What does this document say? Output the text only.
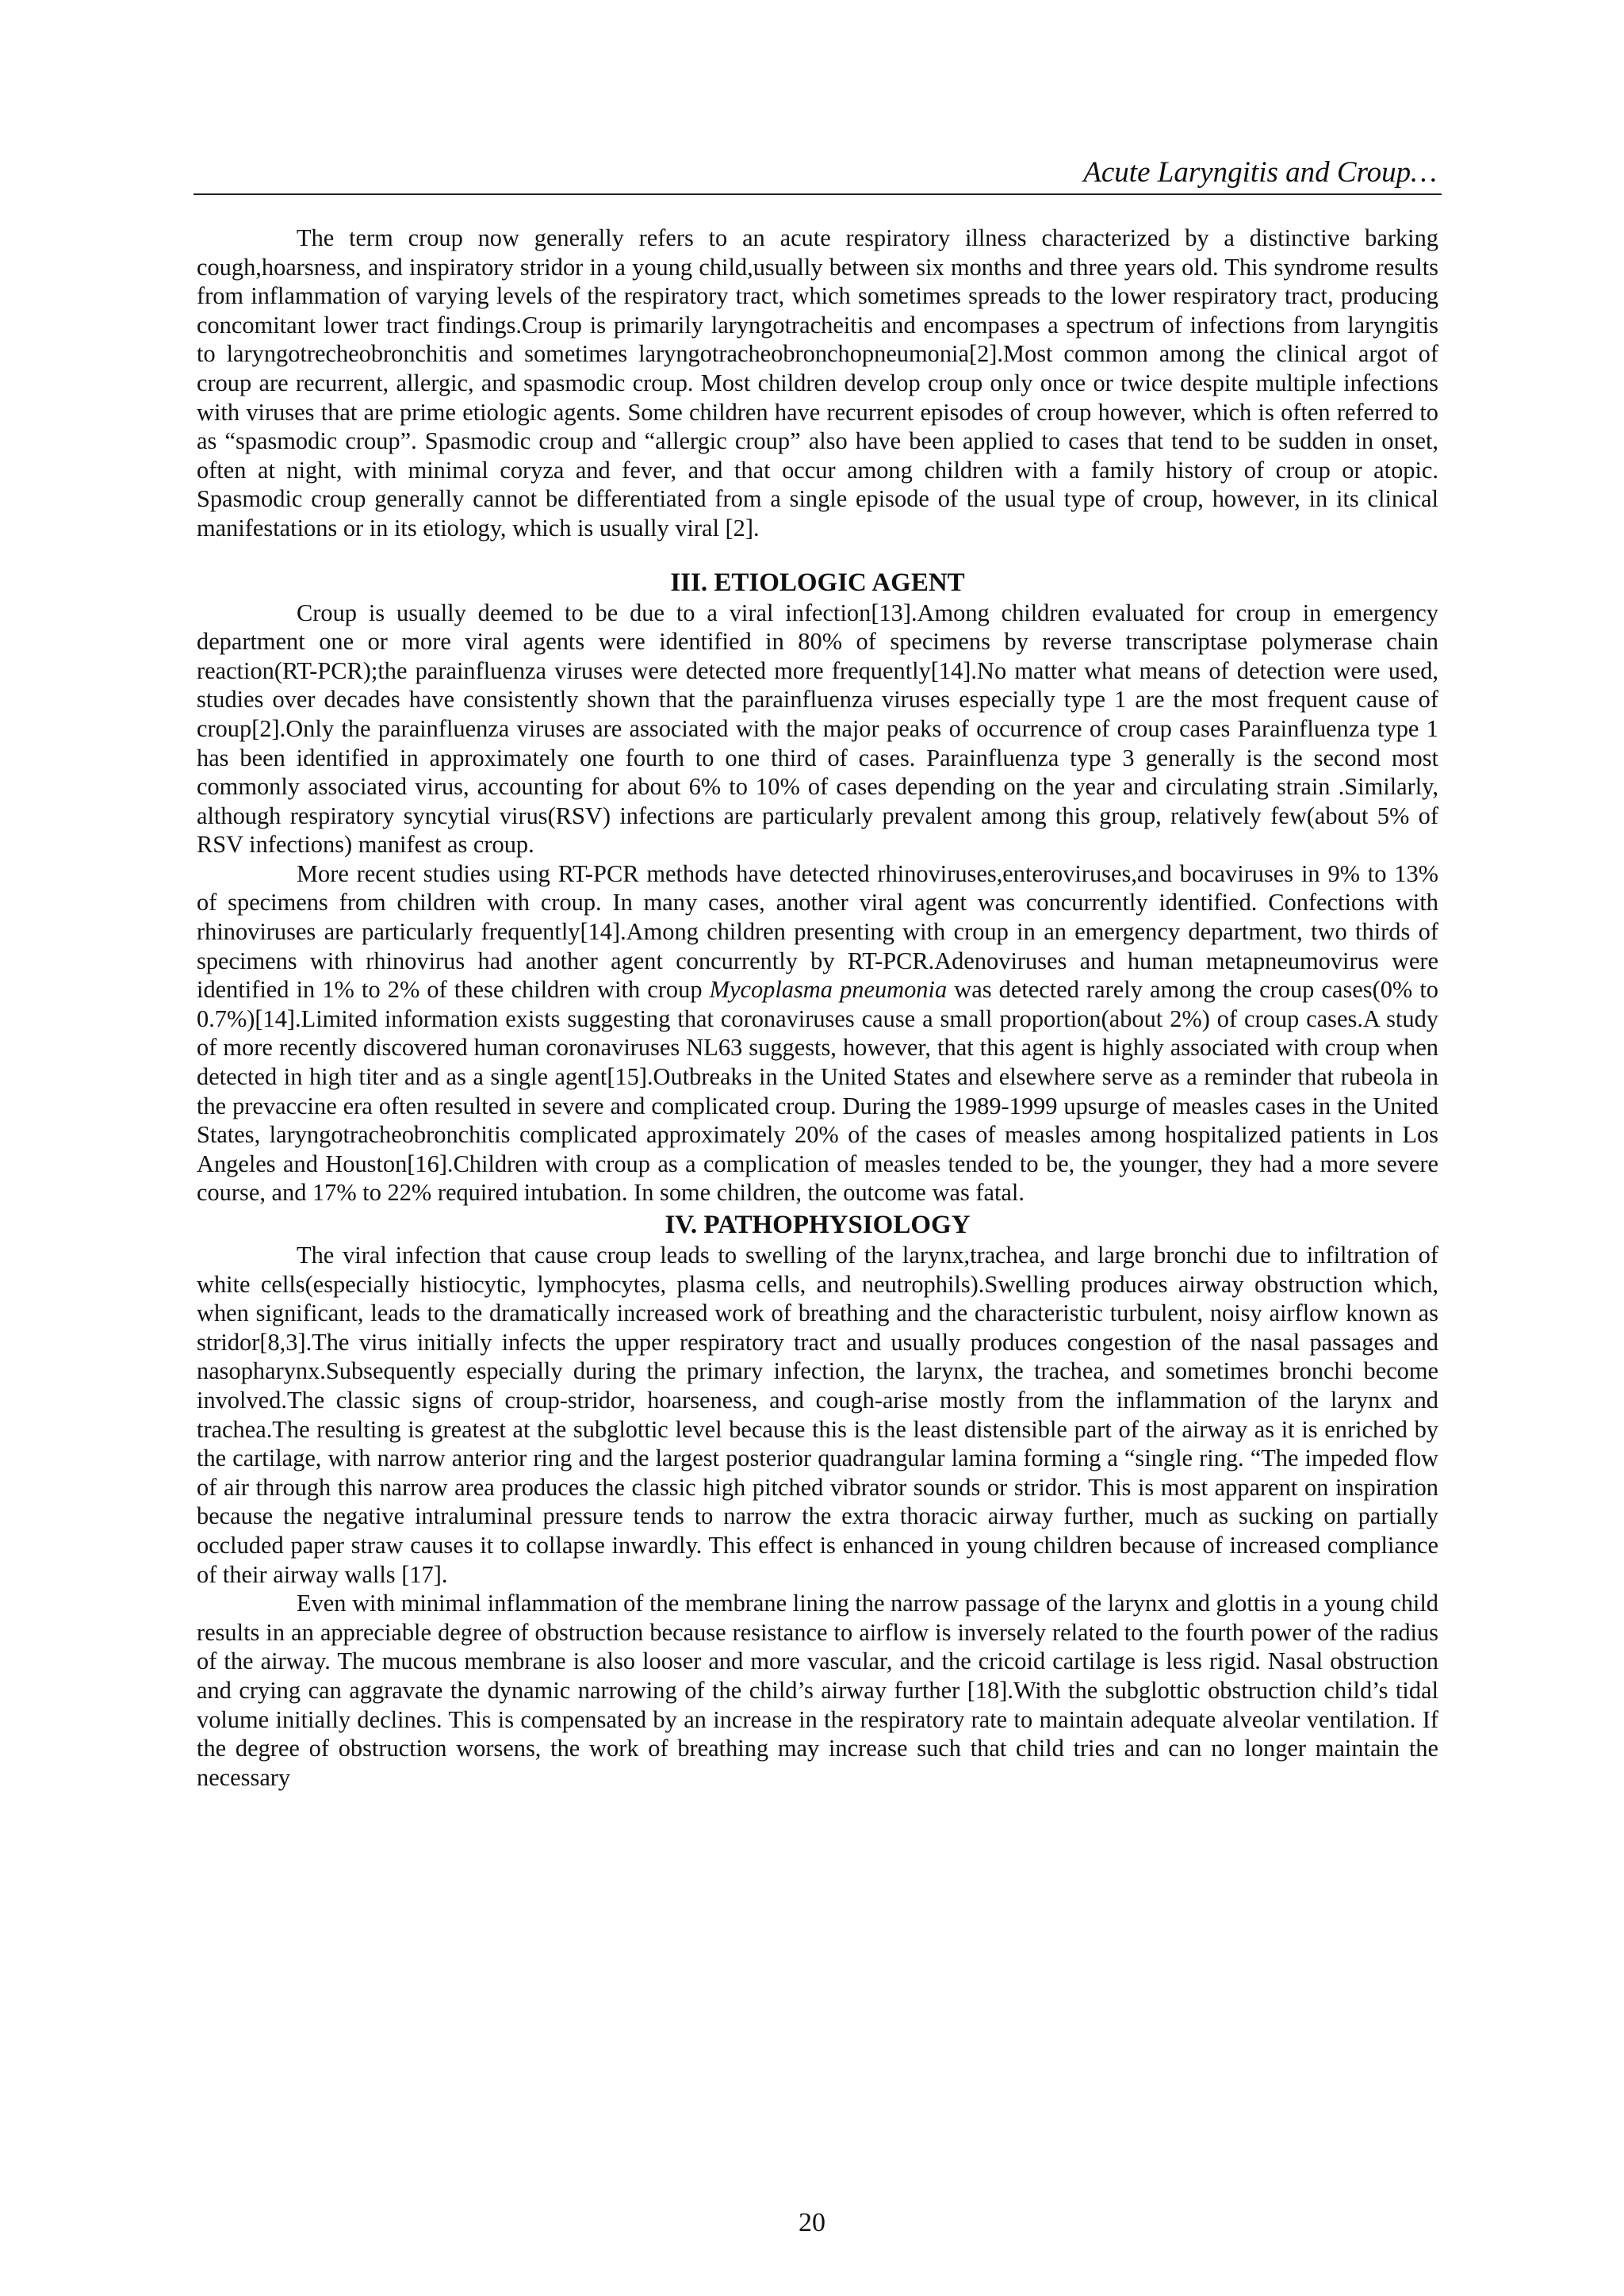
Acute Laryngitis and Croup…

The term croup now generally refers to an acute respiratory illness characterized by a distinctive barking cough,hoarsness, and inspiratory stridor in a young child,usually between six months and three years old. This syndrome results from inflammation of varying levels of the respiratory tract, which sometimes spreads to the lower respiratory tract, producing concomitant lower tract findings.Croup is primarily laryngotracheitis and encompases a spectrum of infections from laryngitis to laryngotrecheobronchitis and sometimes laryngotracheobronchopneumonia[2].Most common among the clinical argot of croup are recurrent, allergic, and spasmodic croup. Most children develop croup only once or twice despite multiple infections with viruses that are prime etiologic agents. Some children have recurrent episodes of croup however, which is often referred to as “spasmodic croup”. Spasmodic croup and “allergic croup” also have been applied to cases that tend to be sudden in onset, often at night, with minimal coryza and fever, and that occur among children with a family history of croup or atopic. Spasmodic croup generally cannot be differentiated from a single episode of the usual type of croup, however, in its clinical manifestations or in its etiology, which is usually viral [2].

III. ETIOLOGIC AGENT

Croup is usually deemed to be due to a viral infection[13].Among children evaluated for croup in emergency department one or more viral agents were identified in 80% of specimens by reverse transcriptase polymerase chain reaction(RT-PCR);the parainfluenza viruses were detected more frequently[14].No matter what means of detection were used, studies over decades have consistently shown that the parainfluenza viruses especially type 1 are the most frequent cause of croup[2].Only the parainfluenza viruses are associated with the major peaks of occurrence of croup cases Parainfluenza type 1 has been identified in approximately one fourth to one third of cases. Parainfluenza type 3 generally is the second most commonly associated virus, accounting for about 6% to 10% of cases depending on the year and circulating strain .Similarly, although respiratory syncytial virus(RSV) infections are particularly prevalent among this group, relatively few(about 5% of RSV infections) manifest as croup.

More recent studies using RT-PCR methods have detected rhinoviruses,enteroviruses,and bocaviruses in 9% to 13% of specimens from children with croup. In many cases, another viral agent was concurrently identified. Confections with rhinoviruses are particularly frequently[14].Among children presenting with croup in an emergency department, two thirds of specimens with rhinovirus had another agent concurrently by RT-PCR.Adenoviruses and human metapneumovirus were identified in 1% to 2% of these children with croup Mycoplasma pneumonia was detected rarely among the croup cases(0% to 0.7%)[14].Limited information exists suggesting that coronaviruses cause a small proportion(about 2%) of croup cases.A study of more recently discovered human coronaviruses NL63 suggests, however, that this agent is highly associated with croup when detected in high titer and as a single agent[15].Outbreaks in the United States and elsewhere serve as a reminder that rubeola in the prevaccine era often resulted in severe and complicated croup. During the 1989-1999 upsurge of measles cases in the United States, laryngotracheobronchitis complicated approximately 20% of the cases of measles among hospitalized patients in Los Angeles and Houston[16].Children with croup as a complication of measles tended to be, the younger, they had a more severe course, and 17% to 22% required intubation. In some children, the outcome was fatal.

IV. PATHOPHYSIOLOGY

The viral infection that cause croup leads to swelling of the larynx,trachea, and large bronchi due to infiltration of white cells(especially histiocytic, lymphocytes, plasma cells, and neutrophils).Swelling produces airway obstruction which, when significant, leads to the dramatically increased work of breathing and the characteristic turbulent, noisy airflow known as stridor[8,3].The virus initially infects the upper respiratory tract and usually produces congestion of the nasal passages and nasopharynx.Subsequently especially during the primary infection, the larynx, the trachea, and sometimes bronchi become involved.The classic signs of croup-stridor, hoarseness, and cough-arise mostly from the inflammation of the larynx and trachea.The resulting is greatest at the subglottic level because this is the least distensible part of the airway as it is enriched by the cartilage, with narrow anterior ring and the largest posterior quadrangular lamina forming a “single ring. “The impeded flow of air through this narrow area produces the classic high pitched vibrator sounds or stridor. This is most apparent on inspiration because the negative intraluminal pressure tends to narrow the extra thoracic airway further, much as sucking on partially occluded paper straw causes it to collapse inwardly. This effect is enhanced in young children because of increased compliance of their airway walls [17].

Even with minimal inflammation of the membrane lining the narrow passage of the larynx and glottis in a young child results in an appreciable degree of obstruction because resistance to airflow is inversely related to the fourth power of the radius of the airway. The mucous membrane is also looser and more vascular, and the cricoid cartilage is less rigid. Nasal obstruction and crying can aggravate the dynamic narrowing of the child’s airway further [18].With the subglottic obstruction child’s tidal volume initially declines. This is compensated by an increase in the respiratory rate to maintain adequate alveolar ventilation. If the degree of obstruction worsens, the work of breathing may increase such that child tries and can no longer maintain the necessary

20
